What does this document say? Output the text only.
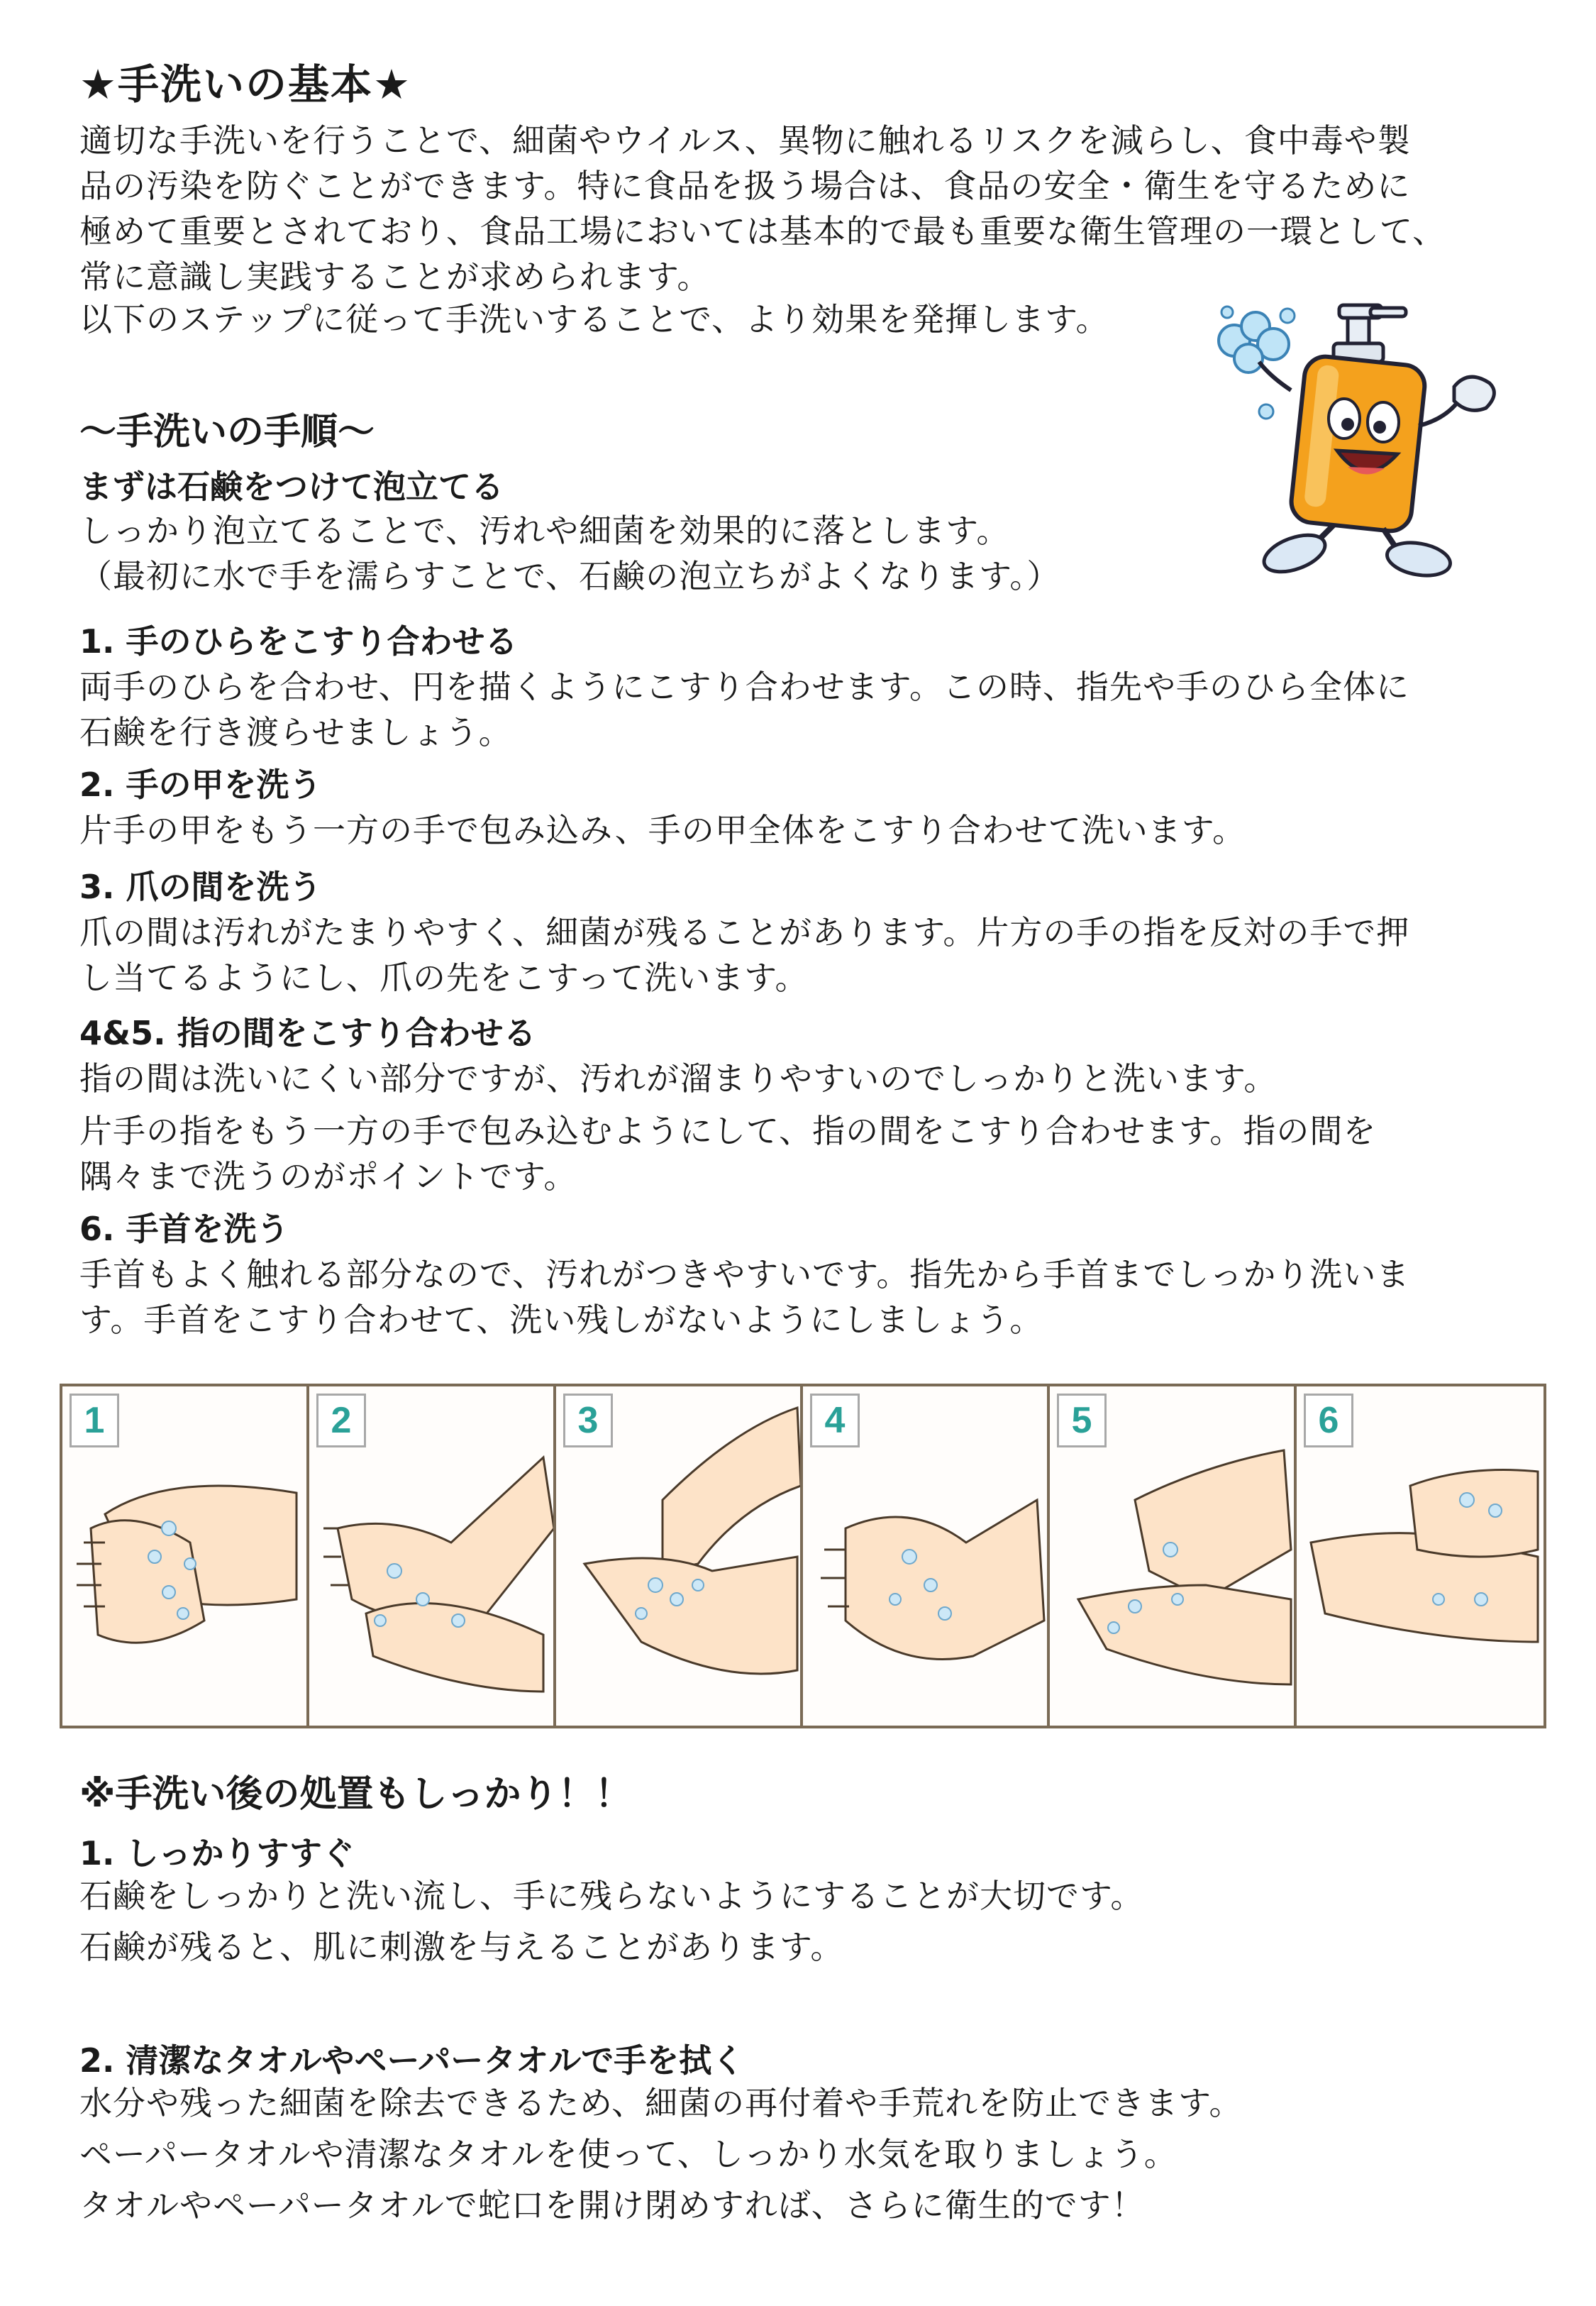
★手洗いの基本★

適切な手洗いを行うことで、細菌やウイルス、異物に触れるリスクを減らし、食中毒や製

品の汚染を防ぐことができます。特に食品を扱う場合は、食品の安全・衛生を守るために

極めて重要とされており、食品工場においては基本的で最も重要な衛生管理の一環として、

常に意識し実践することが求められます。

以下のステップに従って手洗いすることで、より効果を発揮します。

〜手洗いの手順〜
まずは石鹸をつけて泡立てる

しっかり泡立てることで、汚れや細菌を効果的に落とします。

（最初に水で手を濡らすことで、石鹸の泡立ちがよくなります。）

1. 手のひらをこすり合わせる

両手のひらを合わせ、円を描くようにこすり合わせます。この時、指先や手のひら全体に

石鹸を行き渡らせましょう。

2. 手の甲を洗う

片手の甲をもう一方の手で包み込み、手の甲全体をこすり合わせて洗います。

3. 爪の間を洗う

爪の間は汚れがたまりやすく、細菌が残ることがあります。片方の手の指を反対の手で押

し当てるようにし、爪の先をこすって洗います。

4&5. 指の間をこすり合わせる

指の間は洗いにくい部分ですが、汚れが溜まりやすいのでしっかりと洗います。

片手の指をもう一方の手で包み込むようにして、指の間をこすり合わせます。指の間を

隅々まで洗うのがポイントです。

6. 手首を洗う

手首もよく触れる部分なので、汚れがつきやすいです。指先から手首までしっかり洗いま

す。手首をこすり合わせて、洗い残しがないようにしましょう。

1	2	3	4	5	6
※手洗い後の処置もしっかり！！
1. しっかりすすぐ

石鹸をしっかりと洗い流し、手に残らないようにすることが大切です。

石鹸が残ると、肌に刺激を与えることがあります。

2. 清潔なタオルやペーパータオルで手を拭く

水分や残った細菌を除去できるため、細菌の再付着や手荒れを防止できます。

ペーパータオルや清潔なタオルを使って、しっかり水気を取りましょう。

タオルやペーパータオルで蛇口を開け閉めすれば、さらに衛生的です！
